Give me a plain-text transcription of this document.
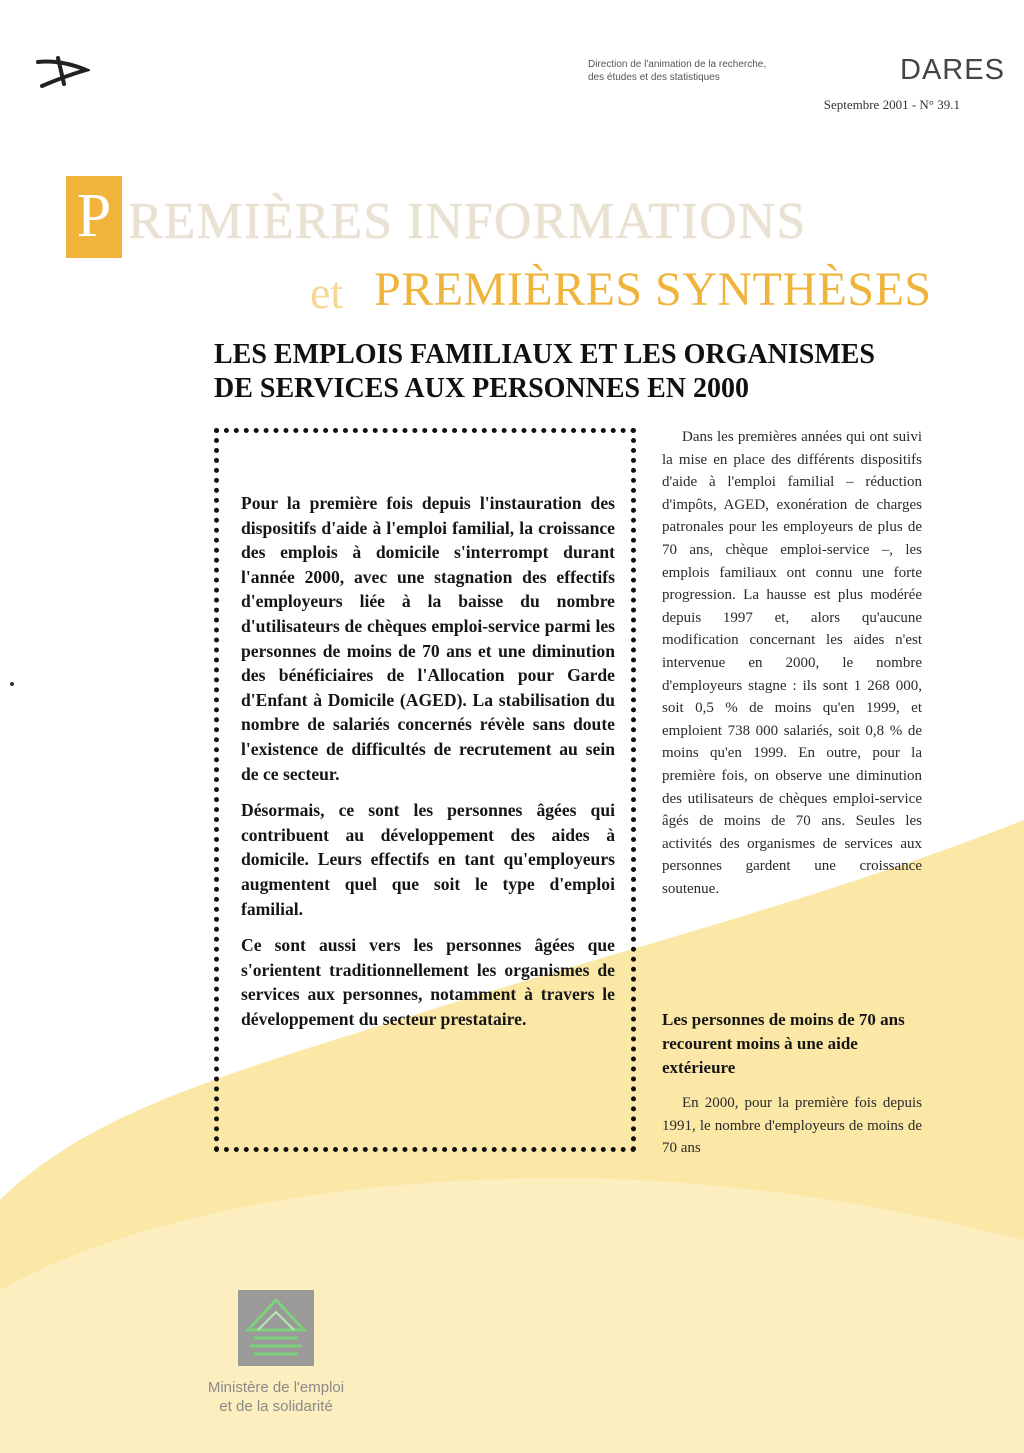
Direction de l'animation de la recherche,
des études et des statistiques	DARES
Septembre 2001 - N° 39.1
P REMIÈRES INFORMATIONS
et PREMIÈRES SYNTHÈSES
LES EMPLOIS FAMILIAUX ET LES ORGANISMES
DE SERVICES AUX PERSONNES EN 2000

Pour la première fois depuis l'instauration des dispositifs d'aide à l'emploi familial, la croissance des emplois à domicile s'interrompt durant l'année 2000, avec une stagnation des effectifs d'employeurs liée à la baisse du nombre d'utilisateurs de chèques emploi-service parmi les personnes de moins de 70 ans et une diminution des bénéficiaires de l'Allocation pour Garde d'Enfant à Domicile (AGED). La stabilisation du nombre de salariés concernés révèle sans doute l'existence de difficultés de recrutement au sein de ce secteur.

Désormais, ce sont les personnes âgées qui contribuent au développement des aides à domicile. Leurs effectifs en tant qu'employeurs augmentent quel que soit le type d'emploi familial.

Ce sont aussi vers les personnes âgées que s'orientent traditionnellement les organismes de services aux personnes, notamment à travers le développement du secteur prestataire.

Dans les premières années qui ont suivi la mise en place des différents dispositifs d'aide à l'emploi familial – réduction d'impôts, AGED, exonération de charges patronales pour les employeurs de plus de 70 ans, chèque emploi-service –, les emplois familiaux ont connu une forte progression. La hausse est plus modérée depuis 1997 et, alors qu'aucune modification concernant les aides n'est intervenue en 2000, le nombre d'employeurs stagne : ils sont 1 268 000, soit 0,5 % de moins qu'en 1999, et emploient 738 000 salariés, soit 0,8 % de moins qu'en 1999. En outre, pour la première fois, on observe une diminution des utilisateurs de chèques emploi-service âgés de moins de 70 ans. Seules les activités des organismes de services aux personnes gardent une croissance soutenue.

Les personnes de moins de 70 ans recourent moins à une aide extérieure

En 2000, pour la première fois depuis 1991, le nombre d'employeurs de moins de 70 ans

Ministère de l'emploi
et de la solidarité
